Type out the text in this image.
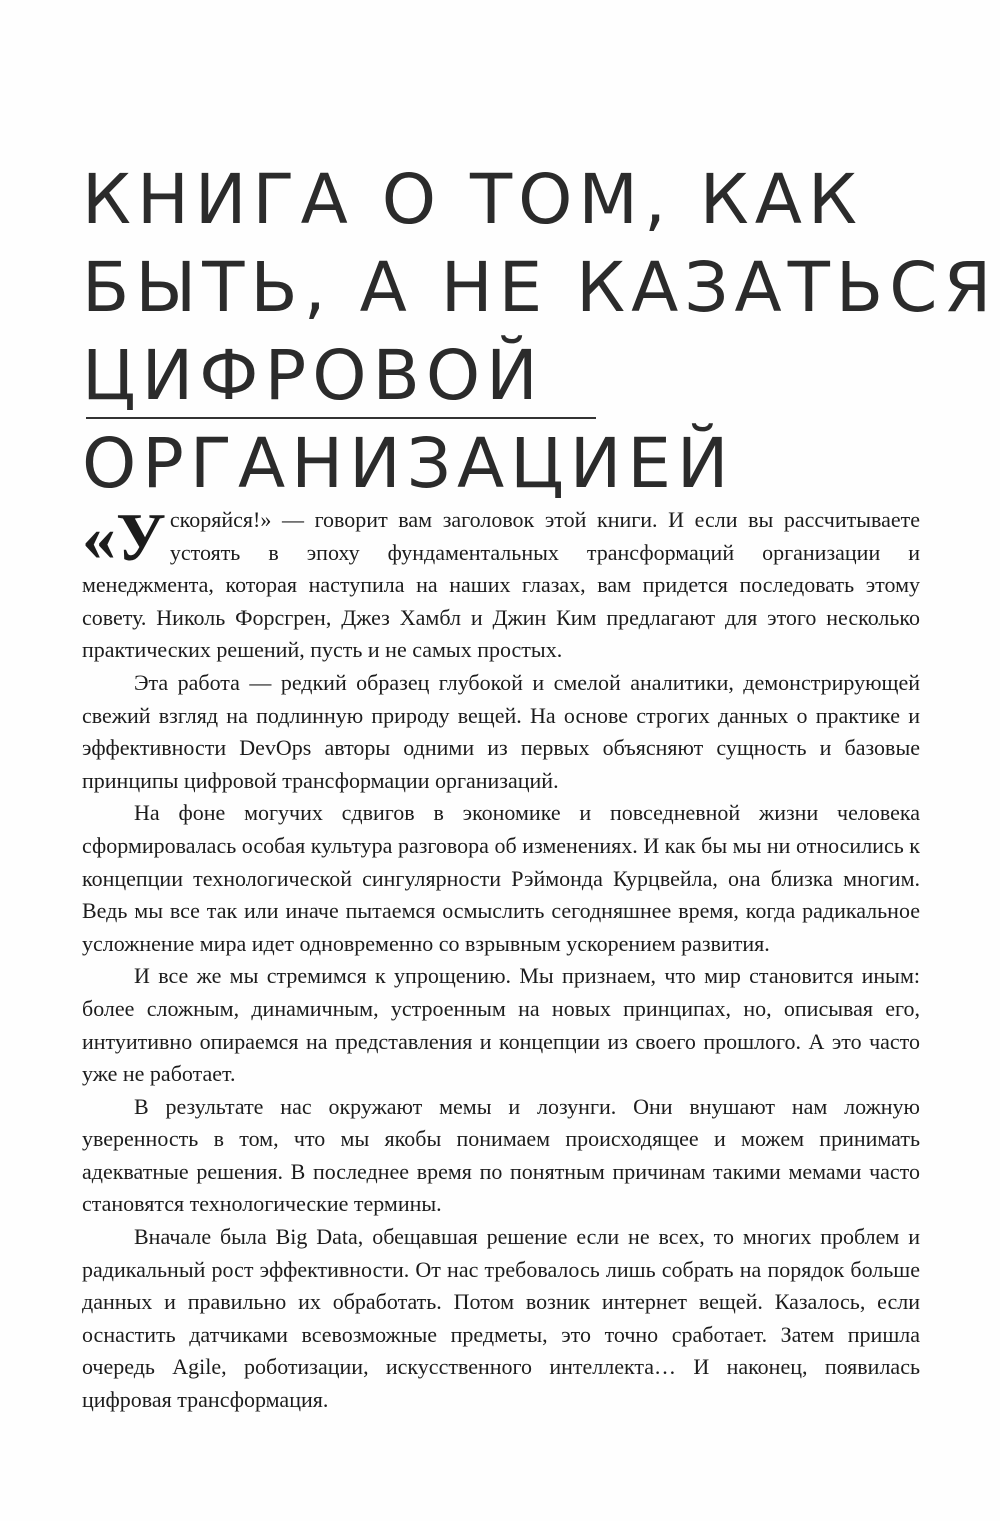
КНИГА О ТОМ, КАК
БЫТЬ, А НЕ КАЗАТЬСЯ
ЦИФРОВОЙ
ОРГАНИЗАЦИЕЙ

«Ускоряйся!» — говорит вам заголовок этой книги. И если вы рассчитываете устоять в эпоху фундаментальных трансформаций организации и менеджмента, которая наступила на наших глазах, вам придется последовать этому совету. Николь Форсгрен, Джез Хамбл и Джин Ким предлагают для этого несколько практических решений, пусть и не самых простых.

Эта работа — редкий образец глубокой и смелой аналитики, демонстрирующей свежий взгляд на подлинную природу вещей. На основе строгих данных о практике и эффективности DevOps авторы одними из первых объясняют сущность и базовые принципы цифровой трансформации организаций.

На фоне могучих сдвигов в экономике и повседневной жизни человека сформировалась особая культура разговора об изменениях. И как бы мы ни относились к концепции технологической сингулярности Рэймонда Курцвейла, она близка многим. Ведь мы все так или иначе пытаемся осмыслить сегодняшнее время, когда радикальное усложнение мира идет одновременно со взрывным ускорением развития.

И все же мы стремимся к упрощению. Мы признаем, что мир становится иным: более сложным, динамичным, устроенным на новых принципах, но, описывая его, интуитивно опираемся на представления и концепции из своего прошлого. А это часто уже не работает.

В результате нас окружают мемы и лозунги. Они внушают нам ложную уверенность в том, что мы якобы понимаем происходящее и можем принимать адекватные решения. В последнее время по понятным причинам такими мемами часто становятся технологические термины.

Вначале была Big Data, обещавшая решение если не всех, то многих проблем и радикальный рост эффективности. От нас требовалось лишь собрать на порядок больше данных и правильно их обработать. Потом возник интернет вещей. Казалось, если оснастить датчиками всевозможные предметы, это точно сработает. Затем пришла очередь Agile, роботизации, искусственного интеллекта… И наконец, появилась цифровая трансформация.
